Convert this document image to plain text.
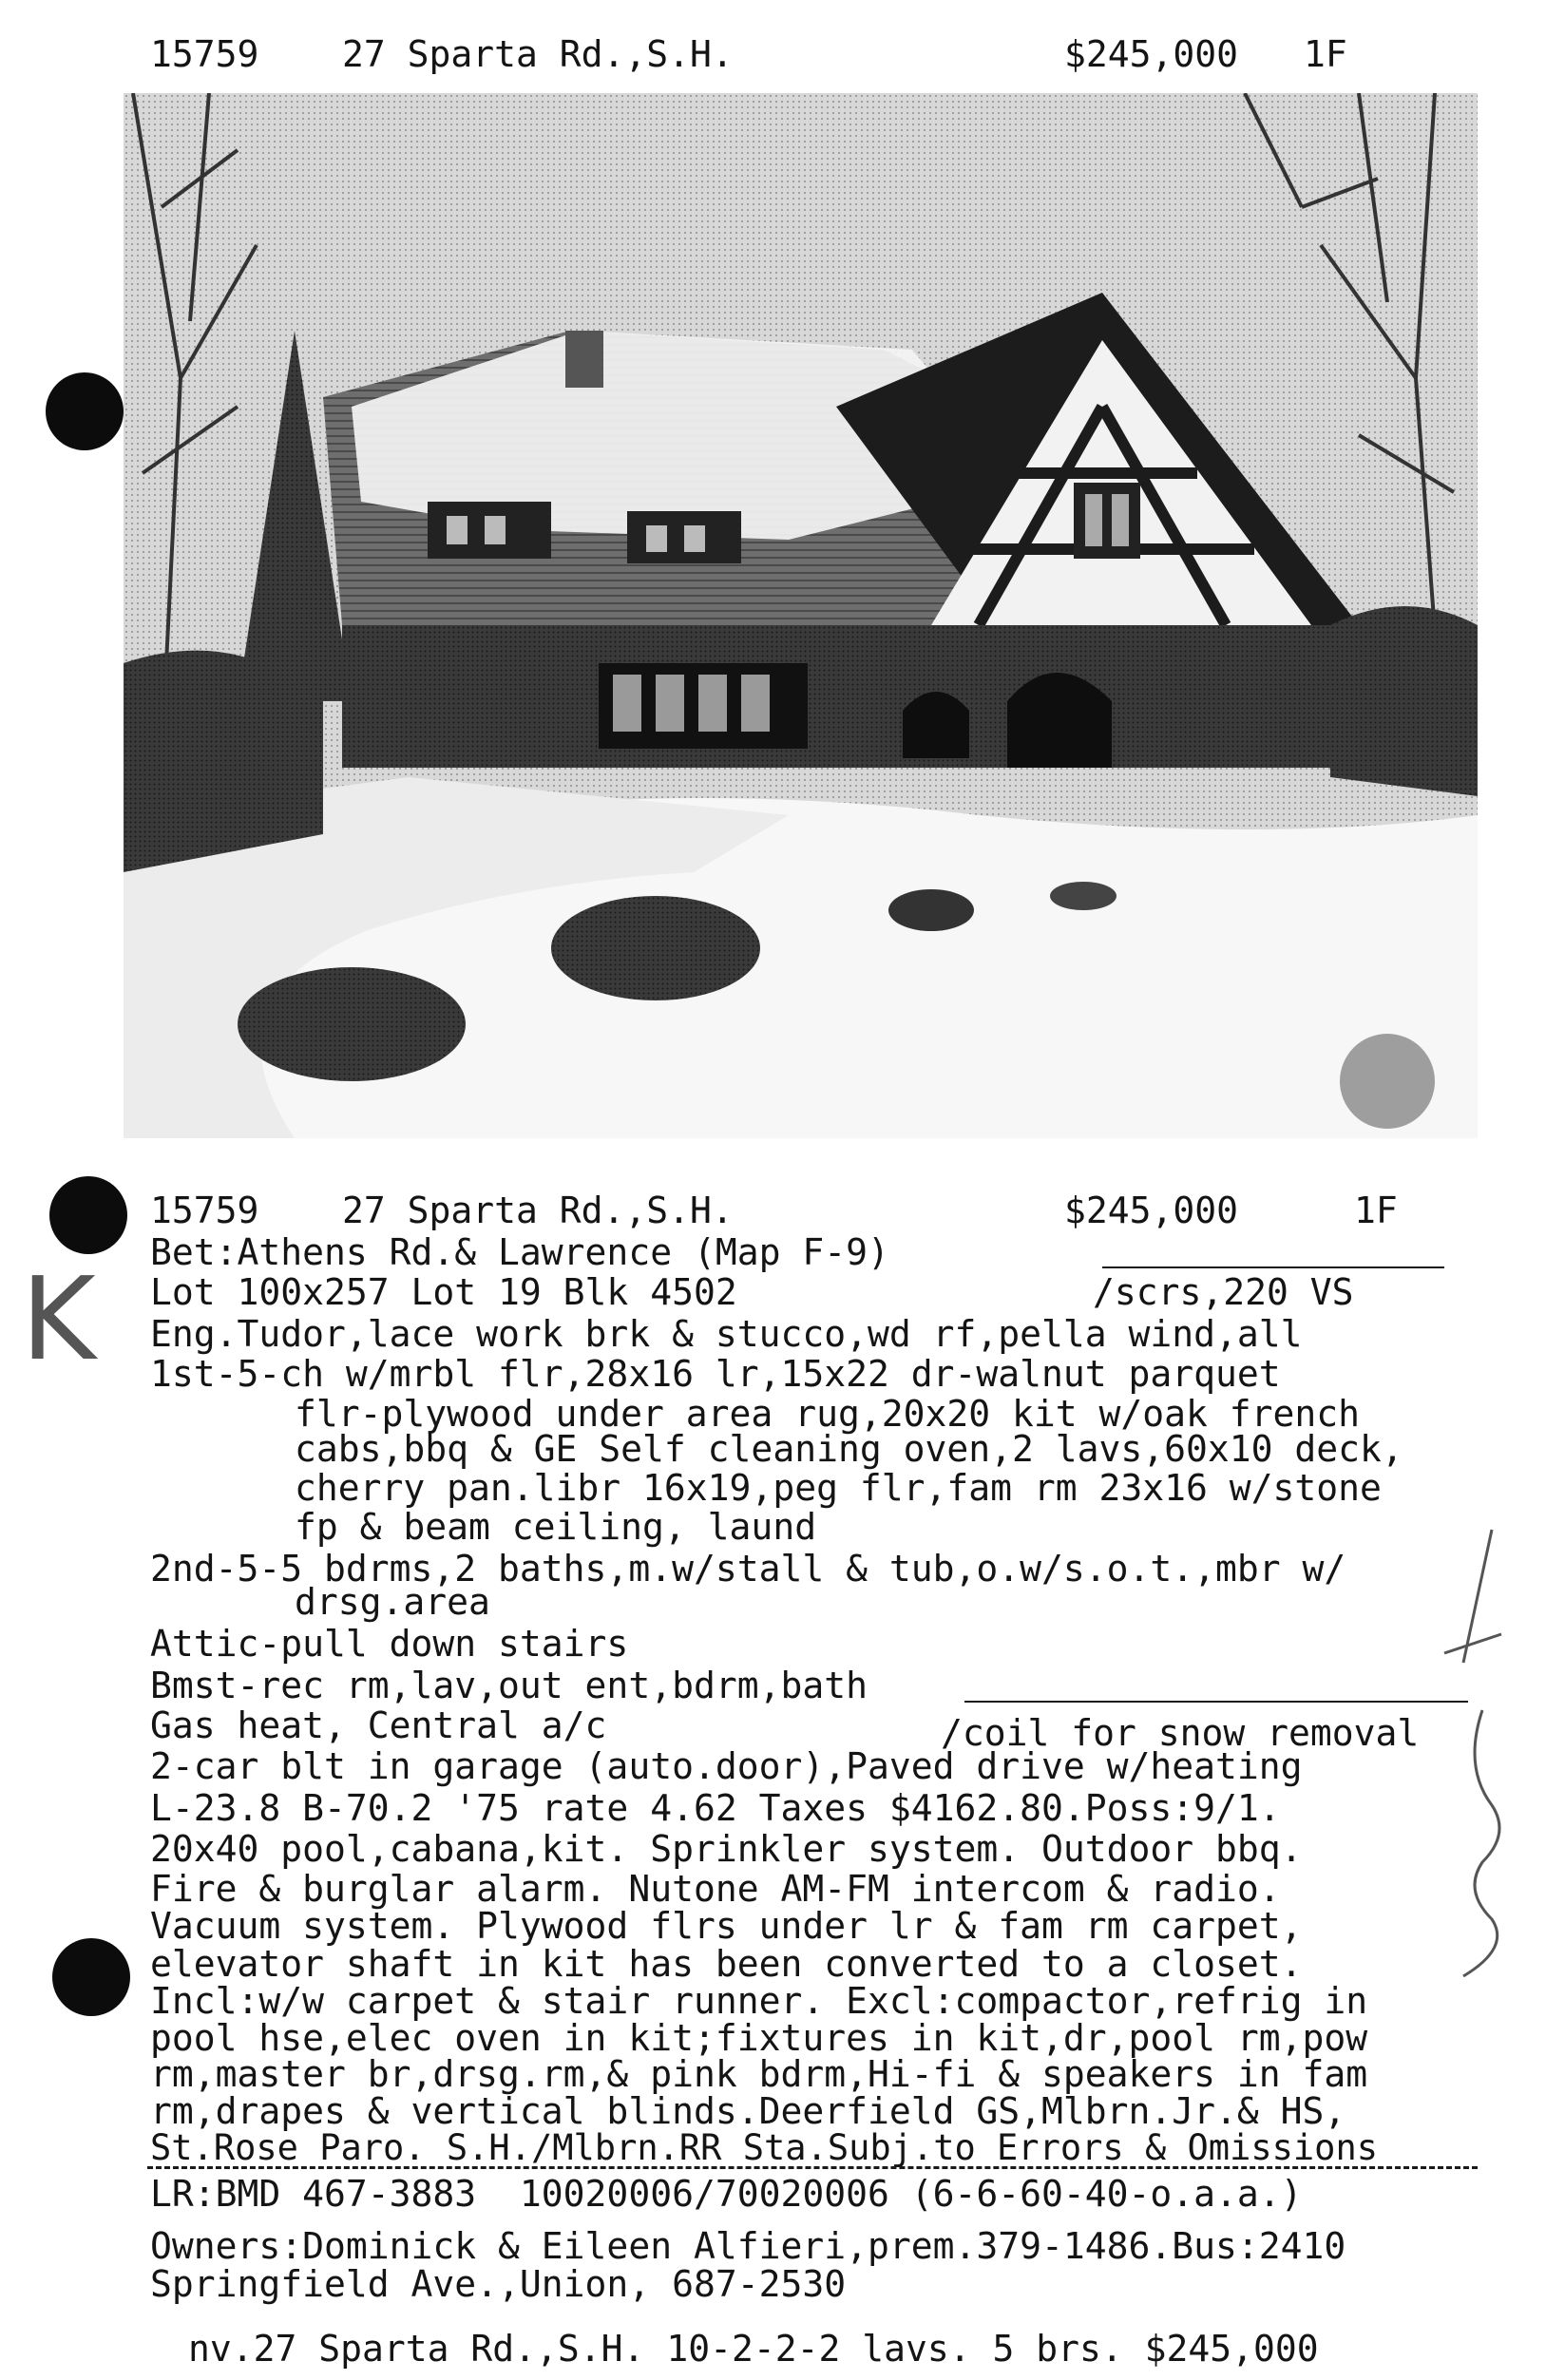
15759 27 Sparta Rd.,S.H.	$245,000 1F
K
15759 27 Sparta Rd.,S.H.	$245,000	1F
Bet:Athens Rd.& Lawrence (Map F-9)
Lot 100x257 Lot 19 Blk 4502	/scrs,220 VS
Eng.Tudor,lace work brk & stucco,wd rf,pella wind,all
1st-5-ch w/mrbl flr,28x16 lr,15x22 dr-walnut parquet
flr-plywood under area rug,20x20 kit w/oak french
cabs,bbq & GE Self cleaning oven,2 lavs,60x10 deck,
cherry pan.libr 16x19,peg flr,fam rm 23x16 w/stone
fp & beam ceiling, laund
2nd-5-5 bdrms,2 baths,m.w/stall & tub,o.w/s.o.t.,mbr w/
drsg.area
Attic-pull down stairs
Bmst-rec rm,lav,out ent,bdrm,bath
Gas heat, Central a/c	/coil for snow removal
2-car blt in garage (auto.door),Paved drive w/heating
L-23.8 B-70.2 '75 rate 4.62 Taxes $4162.80.Poss:9/1.
20x40 pool,cabana,kit. Sprinkler system. Outdoor bbq.
Fire & burglar alarm. Nutone AM-FM intercom & radio.
Vacuum system. Plywood flrs under lr & fam rm carpet,
elevator shaft in kit has been converted to a closet.
Incl:w/w carpet & stair runner. Excl:compactor,refrig in
pool hse,elec oven in kit;fixtures in kit,dr,pool rm,pow
rm,master br,drsg.rm,& pink bdrm,Hi-fi & speakers in fam
rm,drapes & vertical blinds.Deerfield GS,Mlbrn.Jr.& HS,
St.Rose Paro. S.H./Mlbrn.RR Sta.Subj.to Errors & Omissions
LR:BMD 467-3883  10020006/70020006 (6-6-60-40-o.a.a.)
Owners:Dominick & Eileen Alfieri,prem.379-1486.Bus:2410
Springfield Ave.,Union, 687-2530
nv.27 Sparta Rd.,S.H. 10-2-2-2 lavs. 5 brs. $245,000
